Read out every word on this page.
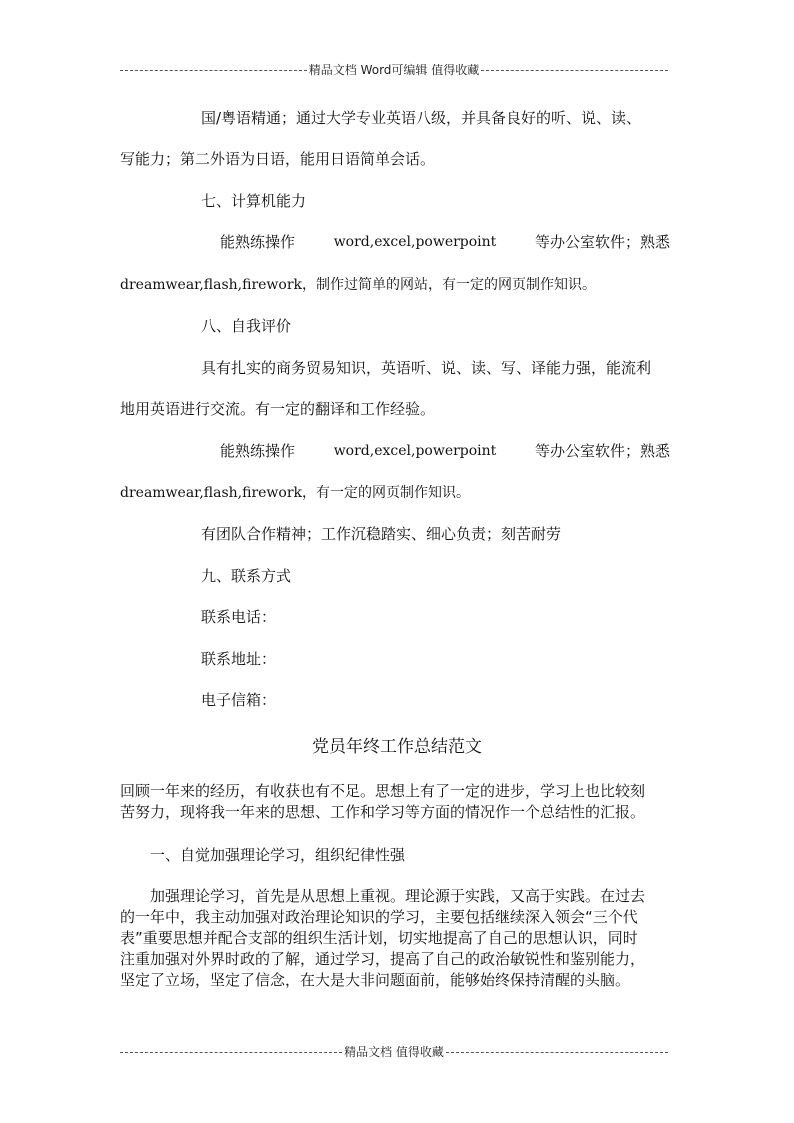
精品文档 Word可编辑 值得收藏
国/粤语精通；通过大学专业英语八级，并具备良好的听、说、读、
写能力；第二外语为日语，能用日语简单会话。
七、计算机能力
能熟练操作	word,excel,powerpoint	等办公室软件；熟悉
dreamwear,flash,firework，制作过简单的网站，有一定的网页制作知识。
八、自我评价
具有扎实的商务贸易知识，英语听、说、读、写、译能力强，能流利
地用英语进行交流。有一定的翻译和工作经验。
能熟练操作	word,excel,powerpoint	等办公室软件；熟悉
dreamwear,flash,firework，有一定的网页制作知识。
有团队合作精神；工作沉稳踏实、细心负责；刻苦耐劳
九、联系方式
联系电话：
联系地址：
电子信箱：
党员年终工作总结范文
回顾一年来的经历，有收获也有不足。思想上有了一定的进步，学习上也比较刻
苦努力，现将我一年来的思想、工作和学习等方面的情况作一个总结性的汇报。
一、自觉加强理论学习，组织纪律性强
加强理论学习，首先是从思想上重视。理论源于实践，又高于实践。在过去
的一年中，我主动加强对政治理论知识的学习，主要包括继续深入领会“三个代
表”重要思想并配合支部的组织生活计划，切实地提高了自己的思想认识，同时
注重加强对外界时政的了解，通过学习，提高了自己的政治敏锐性和鉴别能力，
坚定了立场，坚定了信念，在大是大非问题面前，能够始终保持清醒的头脑。
精品文档 值得收藏
